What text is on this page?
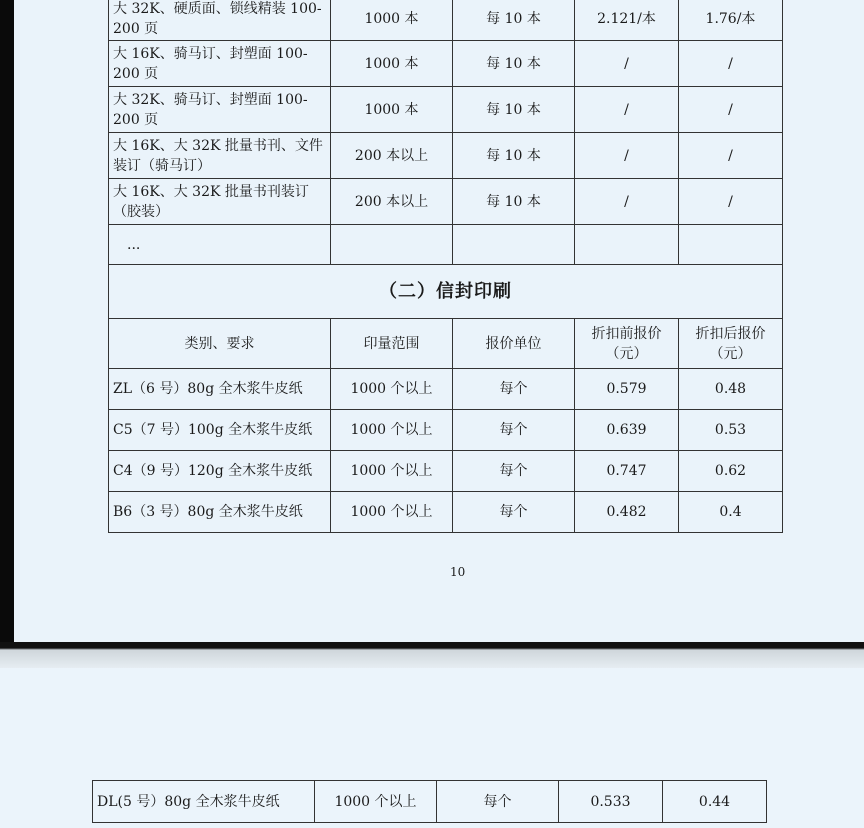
大 32K、硬质面、锁线精装 100-200 页	1000 本	每 10 本	2.121/本	1.76/本
大 16K、骑马订、封塑面 100-200 页	1000 本	每 10 本	/	/
大 32K、骑马订、封塑面 100-200 页	1000 本	每 10 本	/	/
大 16K、大 32K 批量书刊、文件装订（骑马订）	200 本以上	每 10 本	/	/
大 16K、大 32K 批量书刊装订（胶装）	200 本以上	每 10 本	/	/
...				
（二）信封印刷				
类别、要求	印量范围	报价单位	折扣前报价（元）	折扣后报价（元）
ZL（6 号）80g 全木浆牛皮纸	1000 个以上	每个	0.579	0.48
C5（7 号）100g 全木浆牛皮纸	1000 个以上	每个	0.639	0.53
C4（9 号）120g 全木浆牛皮纸	1000 个以上	每个	0.747	0.62
B6（3 号）80g 全木浆牛皮纸	1000 个以上	每个	0.482	0.4
10
DL(5 号）80g 全木浆牛皮纸	1000 个以上	每个	0.533	0.44
